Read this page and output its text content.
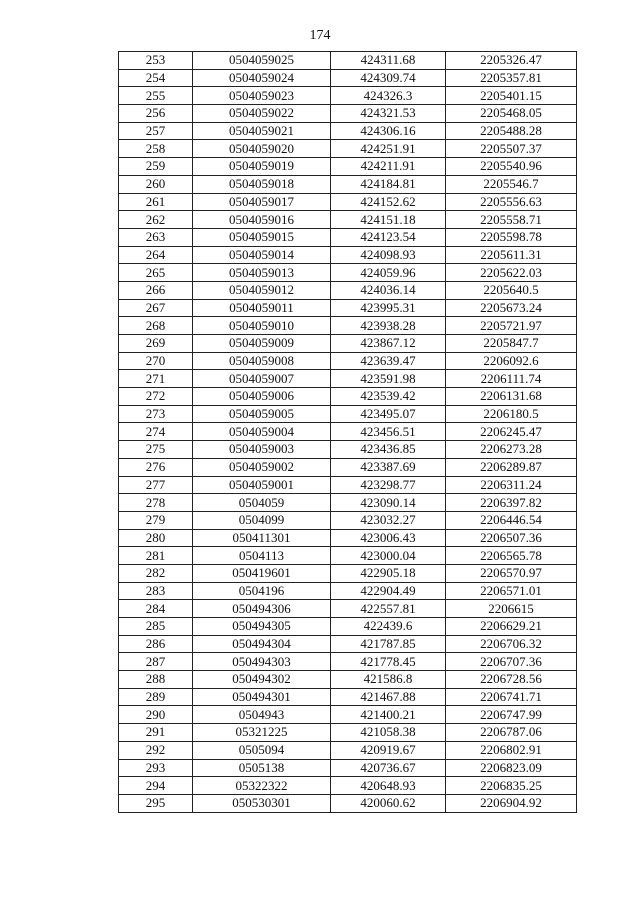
174
253	0504059025	424311.68	2205326.47
254	0504059024	424309.74	2205357.81
255	0504059023	424326.3	2205401.15
256	0504059022	424321.53	2205468.05
257	0504059021	424306.16	2205488.28
258	0504059020	424251.91	2205507.37
259	0504059019	424211.91	2205540.96
260	0504059018	424184.81	2205546.7
261	0504059017	424152.62	2205556.63
262	0504059016	424151.18	2205558.71
263	0504059015	424123.54	2205598.78
264	0504059014	424098.93	2205611.31
265	0504059013	424059.96	2205622.03
266	0504059012	424036.14	2205640.5
267	0504059011	423995.31	2205673.24
268	0504059010	423938.28	2205721.97
269	0504059009	423867.12	2205847.7
270	0504059008	423639.47	2206092.6
271	0504059007	423591.98	2206111.74
272	0504059006	423539.42	2206131.68
273	0504059005	423495.07	2206180.5
274	0504059004	423456.51	2206245.47
275	0504059003	423436.85	2206273.28
276	0504059002	423387.69	2206289.87
277	0504059001	423298.77	2206311.24
278	0504059	423090.14	2206397.82
279	0504099	423032.27	2206446.54
280	050411301	423006.43	2206507.36
281	0504113	423000.04	2206565.78
282	050419601	422905.18	2206570.97
283	0504196	422904.49	2206571.01
284	050494306	422557.81	2206615
285	050494305	422439.6	2206629.21
286	050494304	421787.85	2206706.32
287	050494303	421778.45	2206707.36
288	050494302	421586.8	2206728.56
289	050494301	421467.88	2206741.71
290	0504943	421400.21	2206747.99
291	05321225	421058.38	2206787.06
292	0505094	420919.67	2206802.91
293	0505138	420736.67	2206823.09
294	05322322	420648.93	2206835.25
295	050530301	420060.62	2206904.92
